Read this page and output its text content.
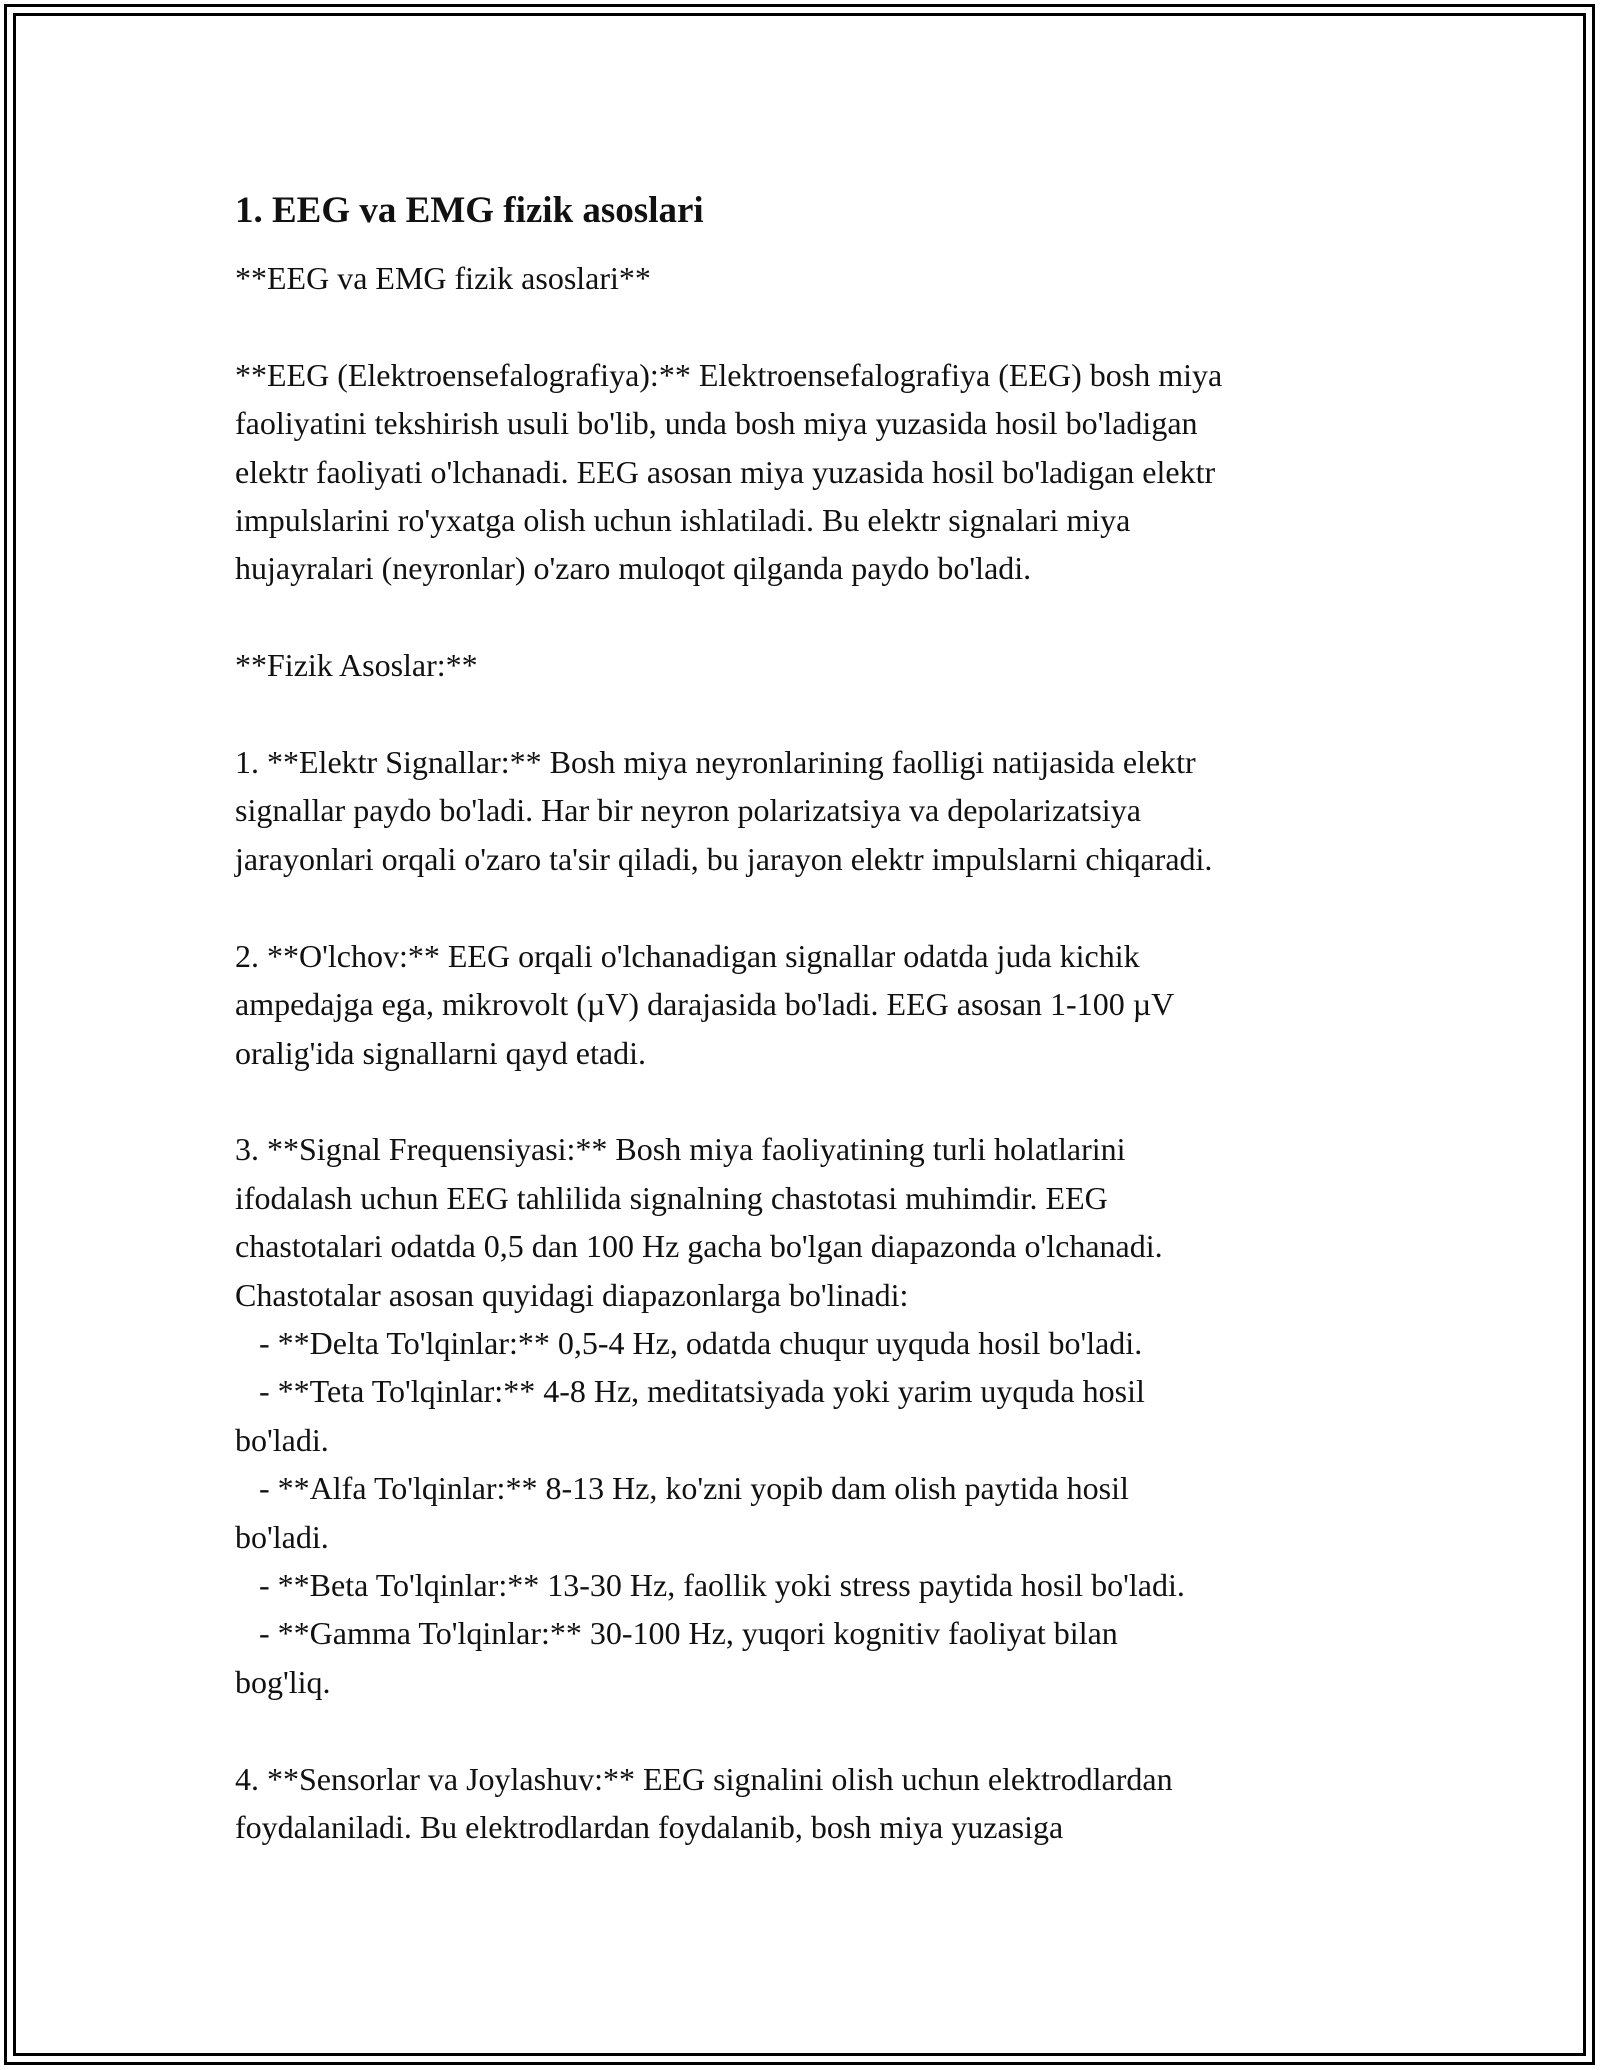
1. EEG va EMG fizik asoslari
**EEG va EMG fizik asoslari**

**EEG (Elektroensefalografiya):** Elektroensefalografiya (EEG) bosh miya
faoliyatini tekshirish usuli bo'lib, unda bosh miya yuzasida hosil bo'ladigan
elektr faoliyati o'lchanadi. EEG asosan miya yuzasida hosil bo'ladigan elektr
impulslarini ro'yxatga olish uchun ishlatiladi. Bu elektr signalari miya
hujayralari (neyronlar) o'zaro muloqot qilganda paydo bo'ladi.

**Fizik Asoslar:**

1. **Elektr Signallar:** Bosh miya neyronlarining faolligi natijasida elektr
signallar paydo bo'ladi. Har bir neyron polarizatsiya va depolarizatsiya
jarayonlari orqali o'zaro ta'sir qiladi, bu jarayon elektr impulslarni chiqaradi.

2. **O'lchov:** EEG orqali o'lchanadigan signallar odatda juda kichik
ampedajga ega, mikrovolt (µV) darajasida bo'ladi. EEG asosan 1-100 µV
oralig'ida signallarni qayd etadi.

3. **Signal Frequensiyasi:** Bosh miya faoliyatining turli holatlarini
ifodalash uchun EEG tahlilida signalning chastotasi muhimdir. EEG
chastotalari odatda 0,5 dan 100 Hz gacha bo'lgan diapazonda o'lchanadi.
Chastotalar asosan quyidagi diapazonlarga bo'linadi:
- **Delta To'lqinlar:** 0,5-4 Hz, odatda chuqur uyquda hosil bo'ladi.
- **Teta To'lqinlar:** 4-8 Hz, meditatsiyada yoki yarim uyquda hosil
bo'ladi.
- **Alfa To'lqinlar:** 8-13 Hz, ko'zni yopib dam olish paytida hosil
bo'ladi.
- **Beta To'lqinlar:** 13-30 Hz, faollik yoki stress paytida hosil bo'ladi.
- **Gamma To'lqinlar:** 30-100 Hz, yuqori kognitiv faoliyat bilan
bog'liq.

4. **Sensorlar va Joylashuv:** EEG signalini olish uchun elektrodlardan
foydalaniladi. Bu elektrodlardan foydalanib, bosh miya yuzasiga
